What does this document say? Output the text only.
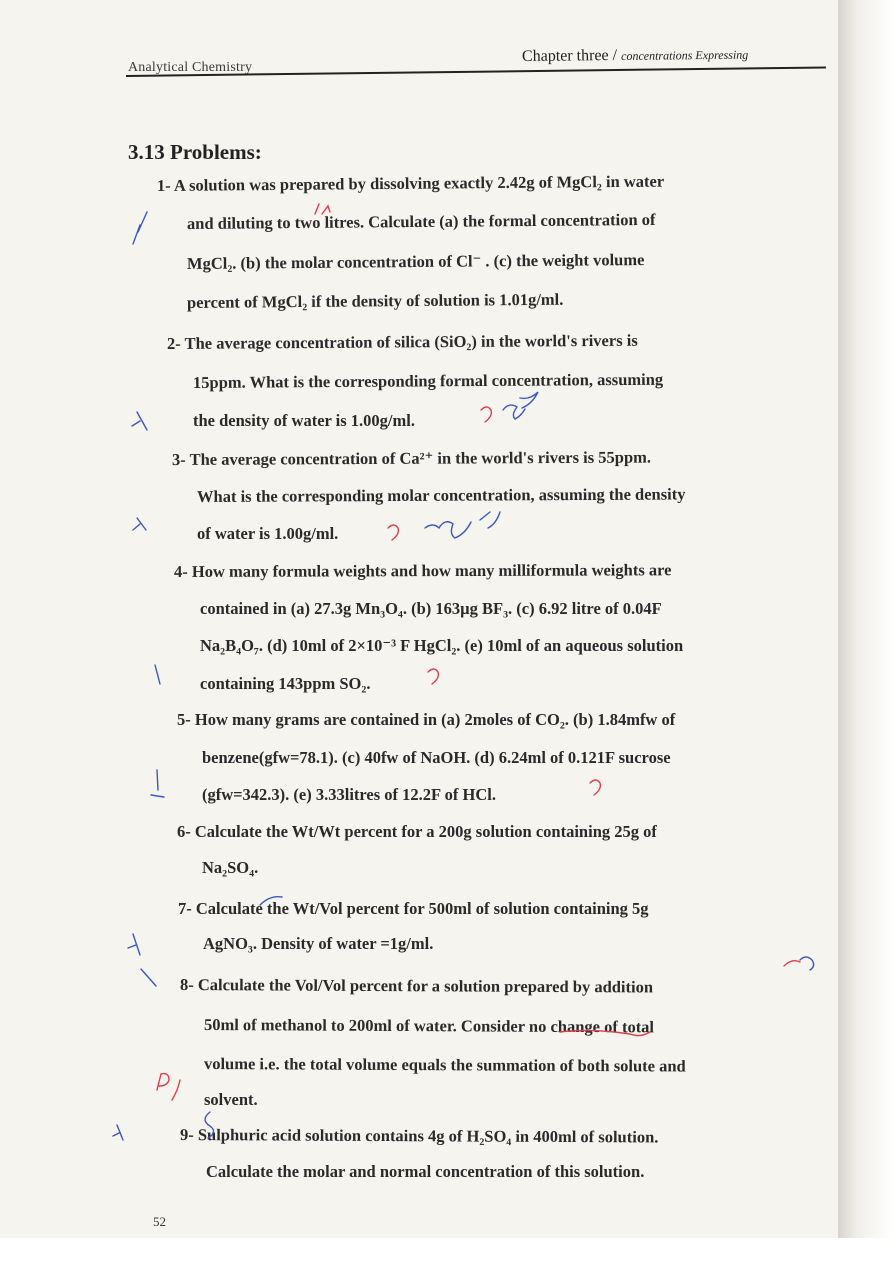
Analytical Chemistry
Chapter three / concentrations Expressing
3.13 Problems:
1- A solution was prepared by dissolving exactly 2.42g of MgCl₂ in water
and diluting to two litres. Calculate (a) the formal concentration of
MgCl₂. (b) the molar concentration of Cl⁻ . (c) the weight volume
percent of MgCl₂ if the density of solution is 1.01g/ml.
2- The average concentration of silica (SiO₂) in the world's rivers is
15ppm. What is the corresponding formal concentration, assuming
the density of water is 1.00g/ml.
3- The average concentration of Ca²⁺ in the world's rivers is 55ppm.
What is the corresponding molar concentration, assuming the density
of water is 1.00g/ml.
4- How many formula weights and how many milliformula weights are
contained in (a) 27.3g Mn₃O₄. (b) 163µg BF₃. (c) 6.92 litre of 0.04F
Na₂B₄O₇. (d) 10ml of 2×10⁻³ F HgCl₂. (e) 10ml of an aqueous solution
containing 143ppm SO₂.
5- How many grams are contained in (a) 2moles of CO₂. (b) 1.84mfw of
benzene(gfw=78.1). (c) 40fw of NaOH. (d) 6.24ml of 0.121F sucrose
(gfw=342.3). (e) 3.33litres of 12.2F of HCl.
6- Calculate the Wt/Wt percent for a 200g solution containing 25g of
Na₂SO₄.
7- Calculate the Wt/Vol percent for 500ml of solution containing 5g
AgNO₃. Density of water =1g/ml.
8- Calculate the Vol/Vol percent for a solution prepared by addition
50ml of methanol to 200ml of water. Consider no change of total
volume i.e. the total volume equals the summation of both solute and
solvent.
9- Sulphuric acid solution contains 4g of H₂SO₄ in 400ml of solution.
Calculate the molar and normal concentration of this solution.
52
